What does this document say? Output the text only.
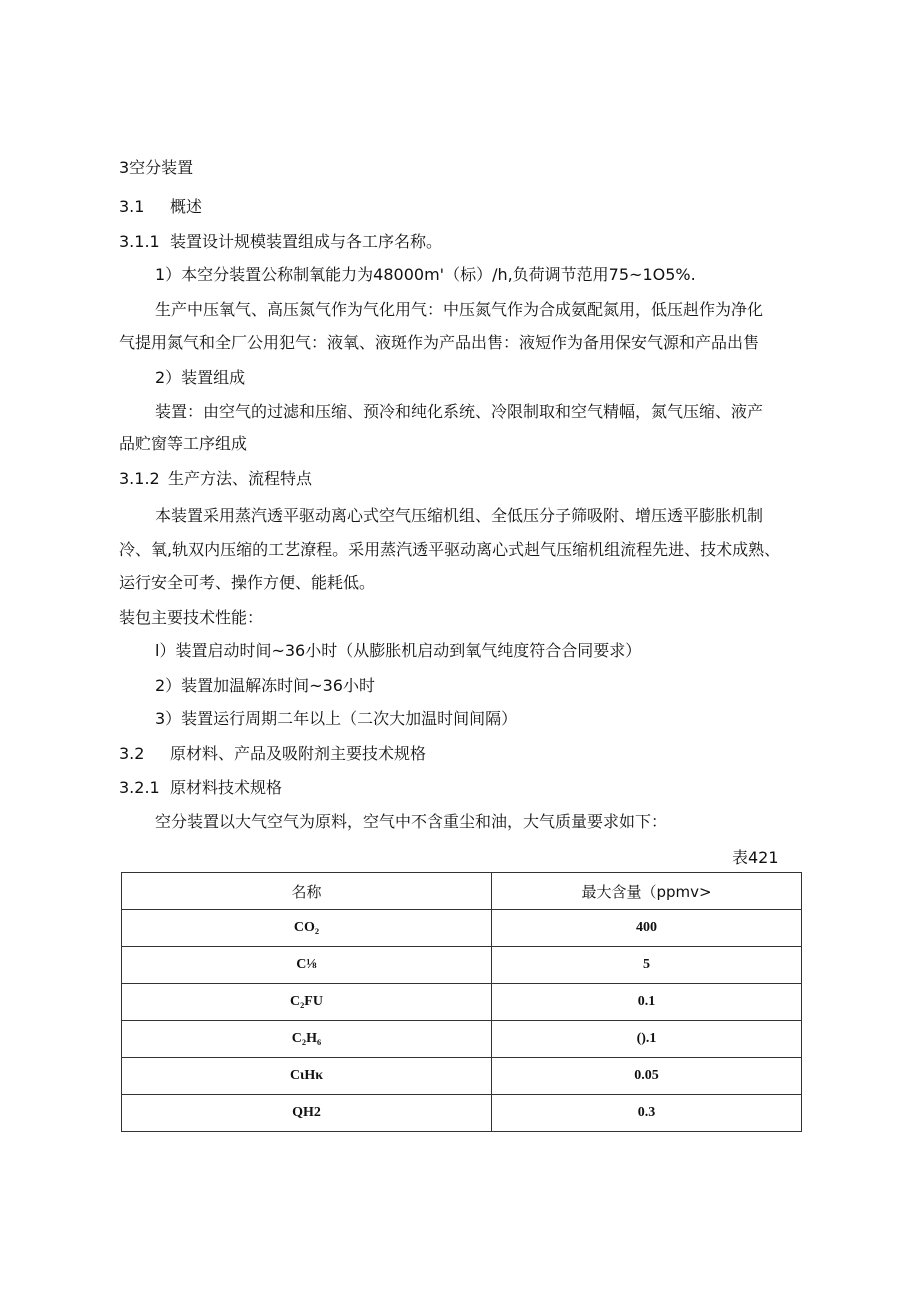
3空分装置
3.1 概述
3.1.1 装置设计规模装置组成与各工序名称。
1）本空分装置公称制氧能力为48000m'（标）/h,负荷调节范用75~1O5%.
生产中压氧气、高压氮气作为气化用气：中压氮气作为合成氨配氮用，低压赳作为净化
气提用氮气和全厂公用犯气：液氧、液斑作为产品出售：液短作为备用保安气源和产品出售
2）装置组成
装置：由空气的过滤和压缩、预冷和纯化系统、冷限制取和空气精幅，氮气压缩、液产
品贮窗等工序组成
3.1.2 生产方法、流程特点
本装置采用蒸汽透平驱动离心式空气压缩机组、全低压分子筛吸附、增压透平膨胀机制
冷、氧,轨双内压缩的工艺潦程。采用蒸汽透平驱动离心式赳气压缩机组流程先进、技术成熟、
运行安全可考、操作方便、能耗低。
装包主要技术性能：
l）装置启动时间~36小时（从膨胀机启动到氧气纯度符合合同要求）
2）装置加温解冻时间~36小时
3）装置运行周期二年以上（二次大加温时间间隔）
3.2 原材料、产品及吸附剂主要技术规格
3.2.1 原材料技术规格
空分装置以大气空气为原料，空气中不含重尘和油，大气质量要求如下：
表421
名称	最大含量（ppmv>
CO₂	400
C⅛	5
C₂FU	0.1
C₂H₆	().1
CιHκ	0.05
QH2	0.3
